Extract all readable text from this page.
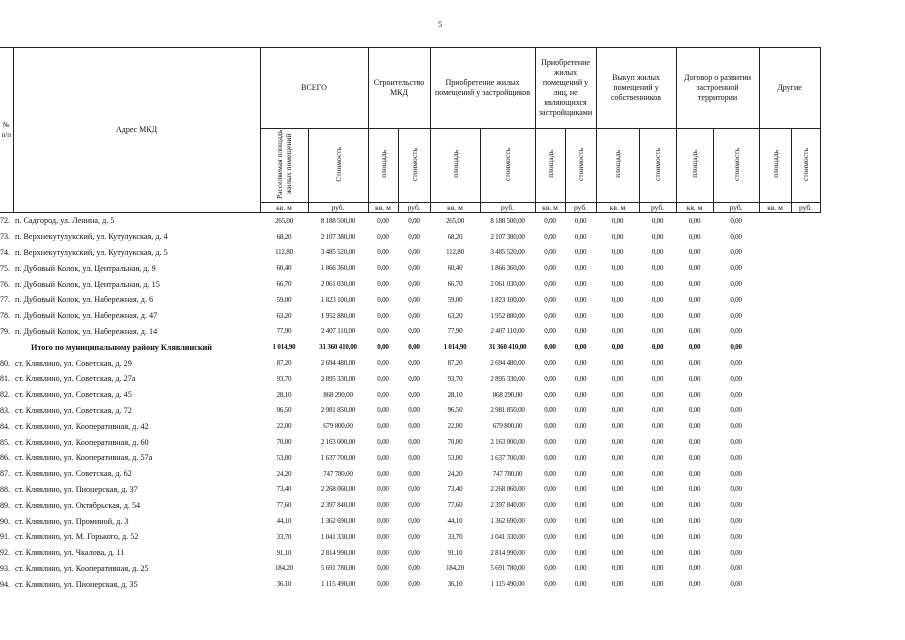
5
№
п/п	Адрес МКД	ВСЕГО		Строительство МКД		Приобретение жилых помещений у застройщиков		Приобретение жилых помещений у лиц, не являющихся застройщиками		Выкуп жилых помещений у собственников		Договор о развитии застроенной территории		Другие	
		Расселяемая площадь жилых помещений	Стоимость	площадь	стоимость	площадь	стоимость	площадь	стоимость	площадь	стоимость	площадь	стоимость	площадь	стоимость
		кв. м	руб.	кв. м	руб.	кв. м	руб.	кв. м	руб.	кв. м	руб.	кв. м	руб.	кв. м	руб.
72.	п. Садгород, ул. Ленина, д. 5	265,00	8 188 500,00	0,00	0,00	265,00	8 188 500,00	0,00	0,00	0,00	0,00	0,00	0,00		
73.	п. Верхнекутулукский, ул. Кутулукская, д. 4	68,20	2 107 380,00	0,00	0,00	68,20	2 107 380,00	0,00	0,00	0,00	0,00	0,00	0,00		
74.	п. Верхнекутулукский, ул. Кутулукская, д. 5	112,80	3 485 520,00	0,00	0,00	112,80	3 485 520,00	0,00	0,00	0,00	0,00	0,00	0,00		
75.	п. Дубовый Колок, ул. Центральная, д. 9	60,40	1 866 360,00	0,00	0,00	60,40	1 866 360,00	0,00	0,00	0,00	0,00	0,00	0,00		
76.	п. Дубовый Колок, ул. Центральная, д. 15	66,70	2 061 030,00	0,00	0,00	66,70	2 061 030,00	0,00	0,00	0,00	0,00	0,00	0,00		
77.	п. Дубовый Колок, ул. Набережная, д. 6	59,00	1 823 100,00	0,00	0,00	59,00	1 823 100,00	0,00	0,00	0,00	0,00	0,00	0,00		
78.	п. Дубовый Колок, ул. Набережная, д. 47	63,20	1 952 880,00	0,00	0,00	63,20	1 952 880,00	0,00	0,00	0,00	0,00	0,00	0,00		
79.	п. Дубовый Колок, ул. Набережная, д. 14	77,90	2 407 110,00	0,00	0,00	77,90	2 407 110,00	0,00	0,00	0,00	0,00	0,00	0,00		
	Итого по муниципальному району Клявлинский	1 014,90	31 360 410,00	0,00	0,00	1 014,90	31 360 410,00	0,00	0,00	0,00	0,00	0,00	0,00		
80.	ст. Клявлино, ул. Советская, д. 29	87,20	2 694 480,00	0,00	0,00	87,20	2 694 480,00	0,00	0,00	0,00	0,00	0,00	0,00		
81.	ст. Клявлино, ул. Советская, д. 27а	93,70	2 895 330,00	0,00	0,00	93,70	2 895 330,00	0,00	0,00	0,00	0,00	0,00	0,00		
82.	ст. Клявлино, ул. Советская, д. 45	28,10	868 290,00	0,00	0,00	28,10	868 290,00	0,00	0,00	0,00	0,00	0,00	0,00		
83.	ст. Клявлино, ул. Советская, д. 72	96,50	2 981 850,00	0,00	0,00	96,50	2 981 850,00	0,00	0,00	0,00	0,00	0,00	0,00		
84.	ст. Клявлино, ул. Кооперативная, д. 42	22,00	679 800,00	0,00	0,00	22,00	679 800,00	0,00	0,00	0,00	0,00	0,00	0,00		
85.	ст. Клявлино, ул. Кооперативная, д. 60	70,00	2 163 000,00	0,00	0,00	70,00	2 163 000,00	0,00	0,00	0,00	0,00	0,00	0,00		
86.	ст. Клявлино, ул. Кооперативная, д. 57а	53,00	1 637 700,00	0,00	0,00	53,00	1 637 700,00	0,00	0,00	0,00	0,00	0,00	0,00		
87.	ст. Клявлино, ул. Советская, д. 62	24,20	747 780,00	0,00	0,00	24,20	747 780,00	0,00	0,00	0,00	0,00	0,00	0,00		
88.	ст. Клявлино, ул. Пионерская, д. 37	73,40	2 268 060,00	0,00	0,00	73,40	2 268 060,00	0,00	0,00	0,00	0,00	0,00	0,00		
89.	ст. Клявлино, ул. Октябрьская, д. 54	77,60	2 397 840,00	0,00	0,00	77,60	2 397 840,00	0,00	0,00	0,00	0,00	0,00	0,00		
90.	ст. Клявлино, ул. Проминой, д. 3	44,10	1 362 690,00	0,00	0,00	44,10	1 362 690,00	0,00	0,00	0,00	0,00	0,00	0,00		
91.	ст. Клявлино, ул. М. Горького, д. 52	33,70	1 041 330,00	0,00	0,00	33,70	1 041 330,00	0,00	0,00	0,00	0,00	0,00	0,00		
92.	ст. Клявлино, ул. Чкалова, д. 11	91,10	2 814 990,00	0,00	0,00	91,10	2 814 990,00	0,00	0,00	0,00	0,00	0,00	0,00		
93.	ст. Клявлино, ул. Кооперативная, д. 25	184,20	5 691 780,00	0,00	0,00	184,20	5 691 780,00	0,00	0,00	0,00	0,00	0,00	0,00		
94.	ст. Клявлино, ул. Пионерская, д. 35	36,10	1 115 490,00	0,00	0,00	36,10	1 115 490,00	0,00	0,00	0,00	0,00	0,00	0,00		
